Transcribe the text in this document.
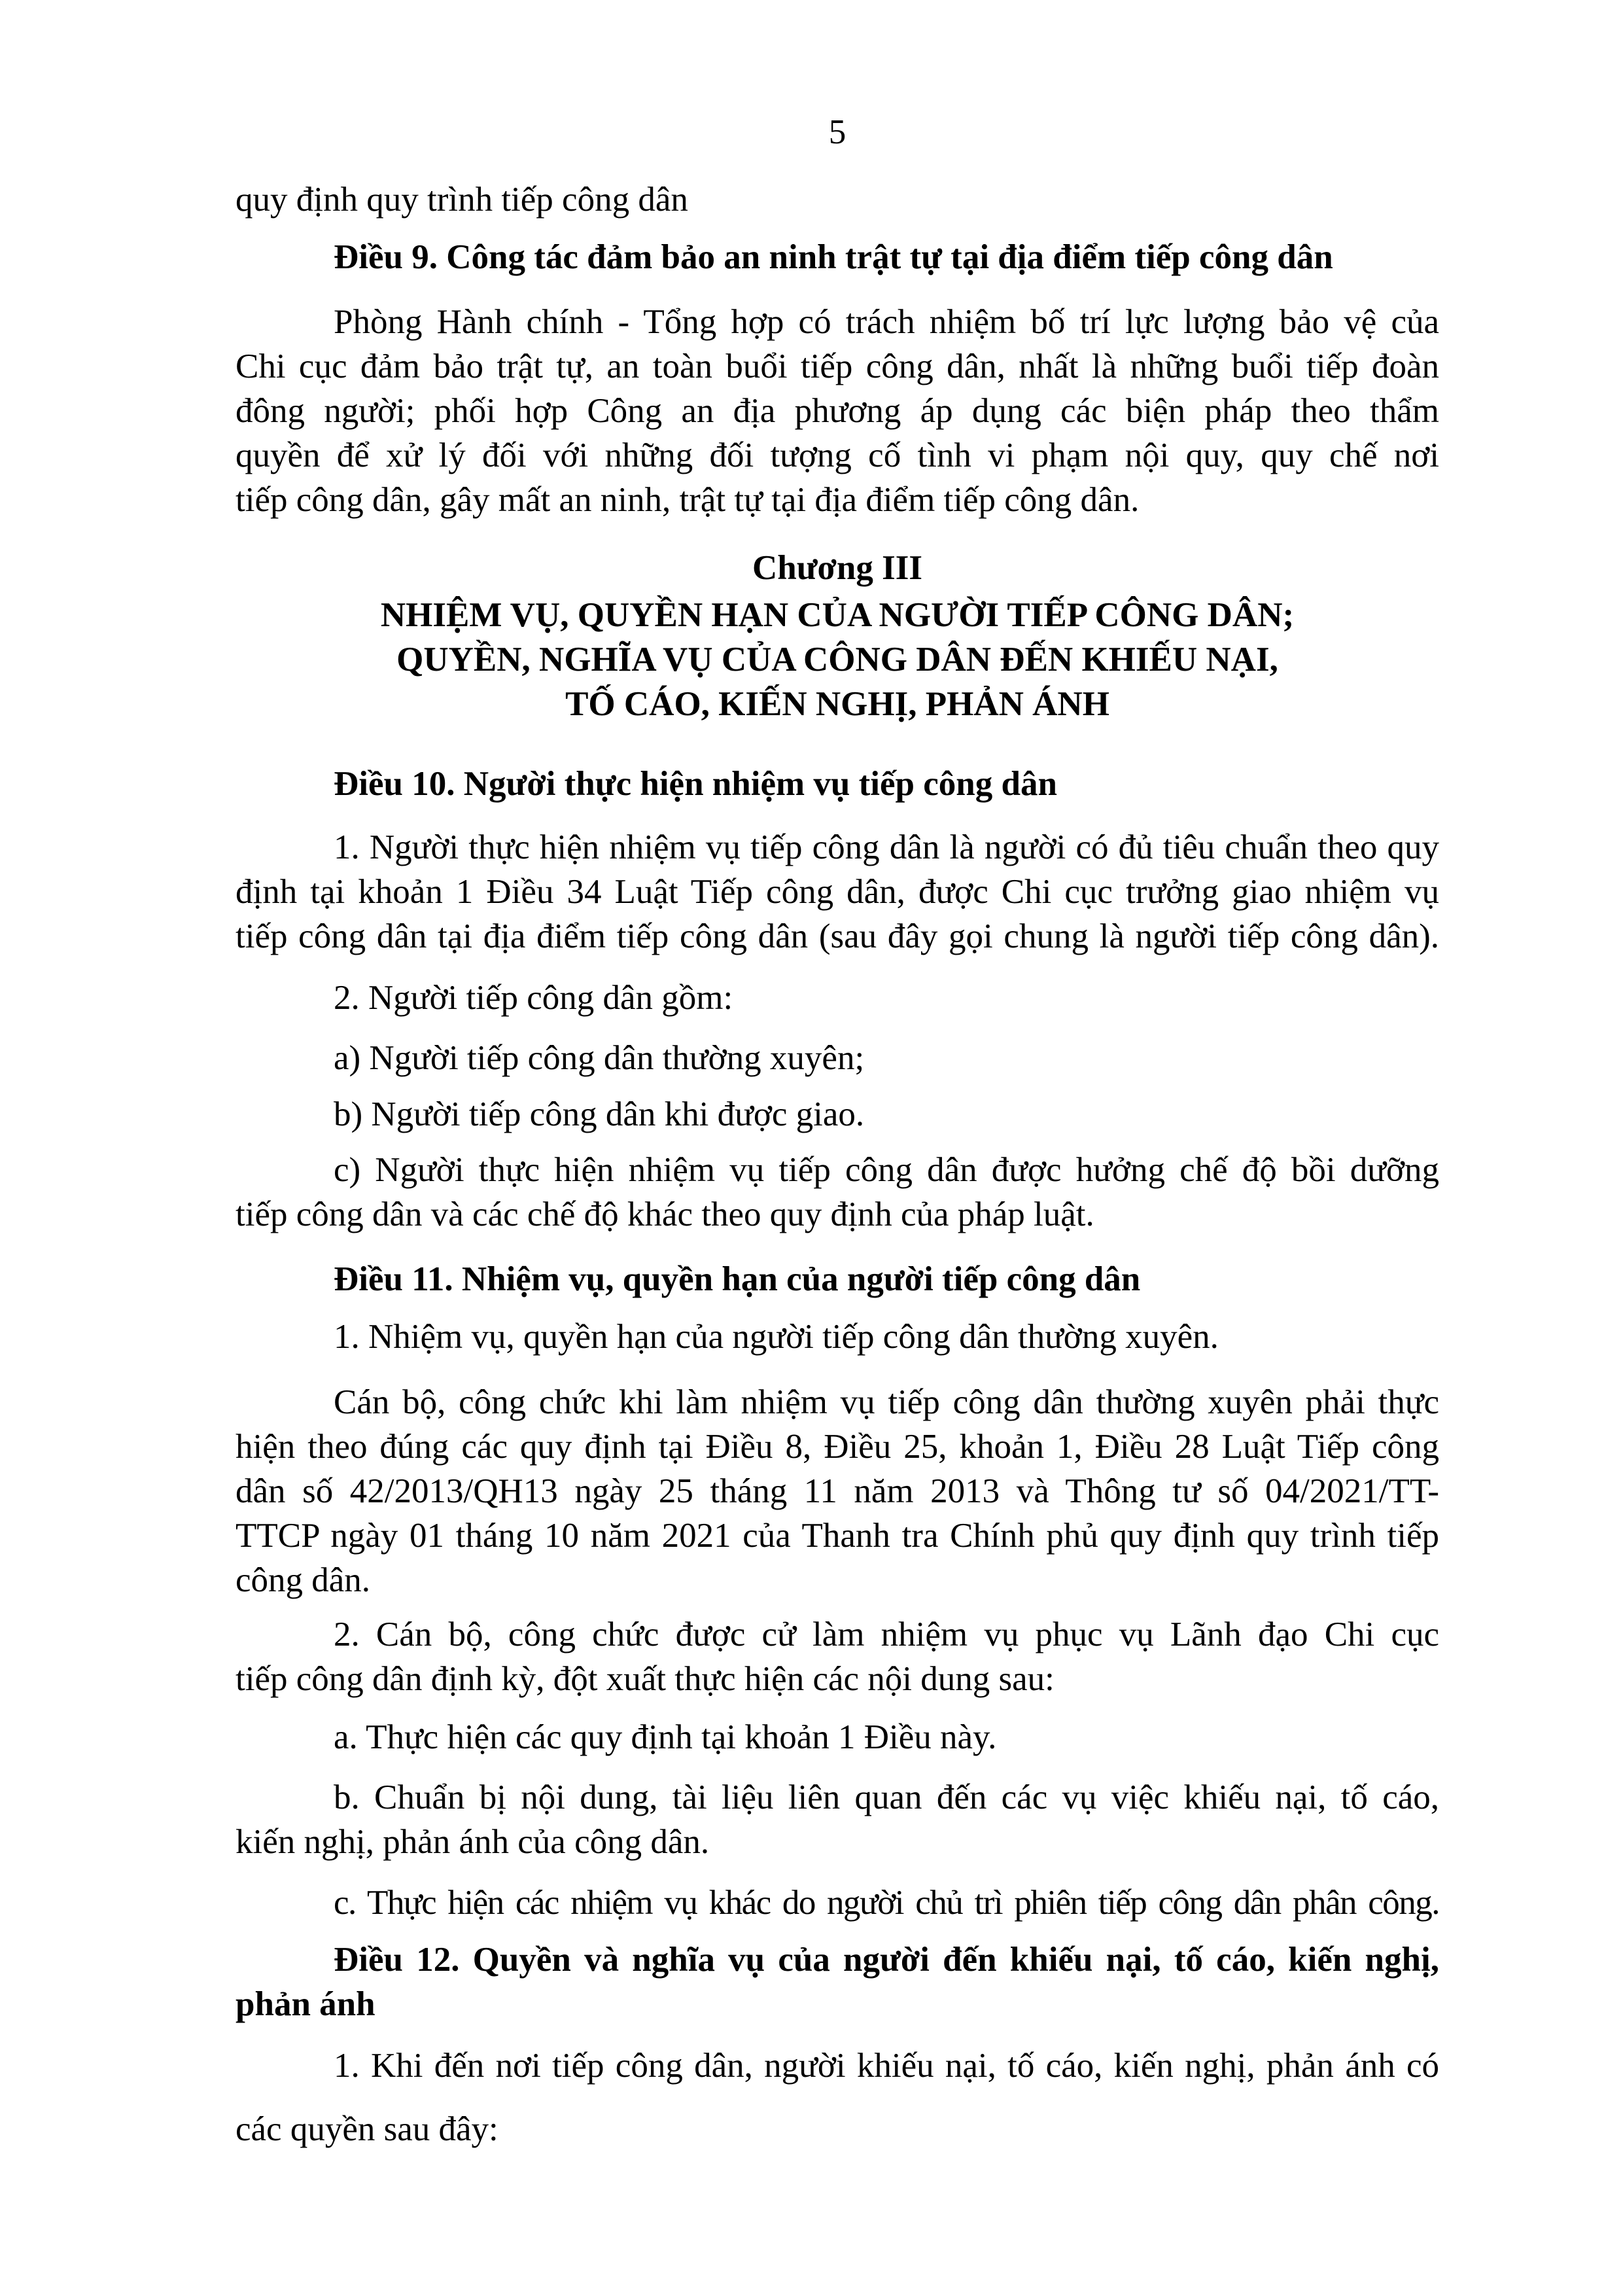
5
quy định quy trình tiếp công dân
Điều 9. Công tác đảm bảo an ninh trật tự tại địa điểm tiếp công dân
Phòng Hành chính - Tổng hợp có trách nhiệm bố trí lực lượng bảo vệ của
Chi cục đảm bảo trật tự, an toàn buổi tiếp công dân, nhất là những buổi tiếp đoàn
đông người; phối hợp Công an địa phương áp dụng các biện pháp theo thẩm
quyền để xử lý đối với những đối tượng cố tình vi phạm nội quy, quy chế nơi
tiếp công dân, gây mất an ninh, trật tự tại địa điểm tiếp công dân.
Chương III
NHIỆM VỤ, QUYỀN HẠN CỦA NGƯỜI TIẾP CÔNG DÂN;
QUYỀN, NGHĨA VỤ CỦA CÔNG DÂN ĐẾN KHIẾU NẠI,
TỐ CÁO, KIẾN NGHỊ, PHẢN ÁNH
Điều 10. Người thực hiện nhiệm vụ tiếp công dân
1. Người thực hiện nhiệm vụ tiếp công dân là người có đủ tiêu chuẩn theo quy
định tại khoản 1 Điều 34 Luật Tiếp công dân, được Chi cục trưởng giao nhiệm vụ
tiếp công dân tại địa điểm tiếp công dân (sau đây gọi chung là người tiếp công dân).
2. Người tiếp công dân gồm:
a) Người tiếp công dân thường xuyên;
b) Người tiếp công dân khi được giao.
c) Người thực hiện nhiệm vụ tiếp công dân được hưởng chế độ bồi dưỡng
tiếp công dân và các chế độ khác theo quy định của pháp luật.
Điều 11. Nhiệm vụ, quyền hạn của người tiếp công dân
1. Nhiệm vụ, quyền hạn của người tiếp công dân thường xuyên.
Cán bộ, công chức khi làm nhiệm vụ tiếp công dân thường xuyên phải thực
hiện theo đúng các quy định tại Điều 8, Điều 25, khoản 1, Điều 28 Luật Tiếp công
dân số 42/2013/QH13 ngày 25 tháng 11 năm 2013 và Thông tư số 04/2021/TT-
TTCP ngày 01 tháng 10 năm 2021 của Thanh tra Chính phủ quy định quy trình tiếp
công dân.
2. Cán bộ, công chức được cử làm nhiệm vụ phục vụ Lãnh đạo Chi cục
tiếp công dân định kỳ, đột xuất thực hiện các nội dung sau:
a. Thực hiện các quy định tại khoản 1 Điều này.
b. Chuẩn bị nội dung, tài liệu liên quan đến các vụ việc khiếu nại, tố cáo,
kiến nghị, phản ánh của công dân.
c. Thực hiện các nhiệm vụ khác do người chủ trì phiên tiếp công dân phân công.
Điều 12. Quyền và nghĩa vụ của người đến khiếu nại, tố cáo, kiến nghị,
phản ánh
1. Khi đến nơi tiếp công dân, người khiếu nại, tố cáo, kiến nghị, phản ánh có
các quyền sau đây:
